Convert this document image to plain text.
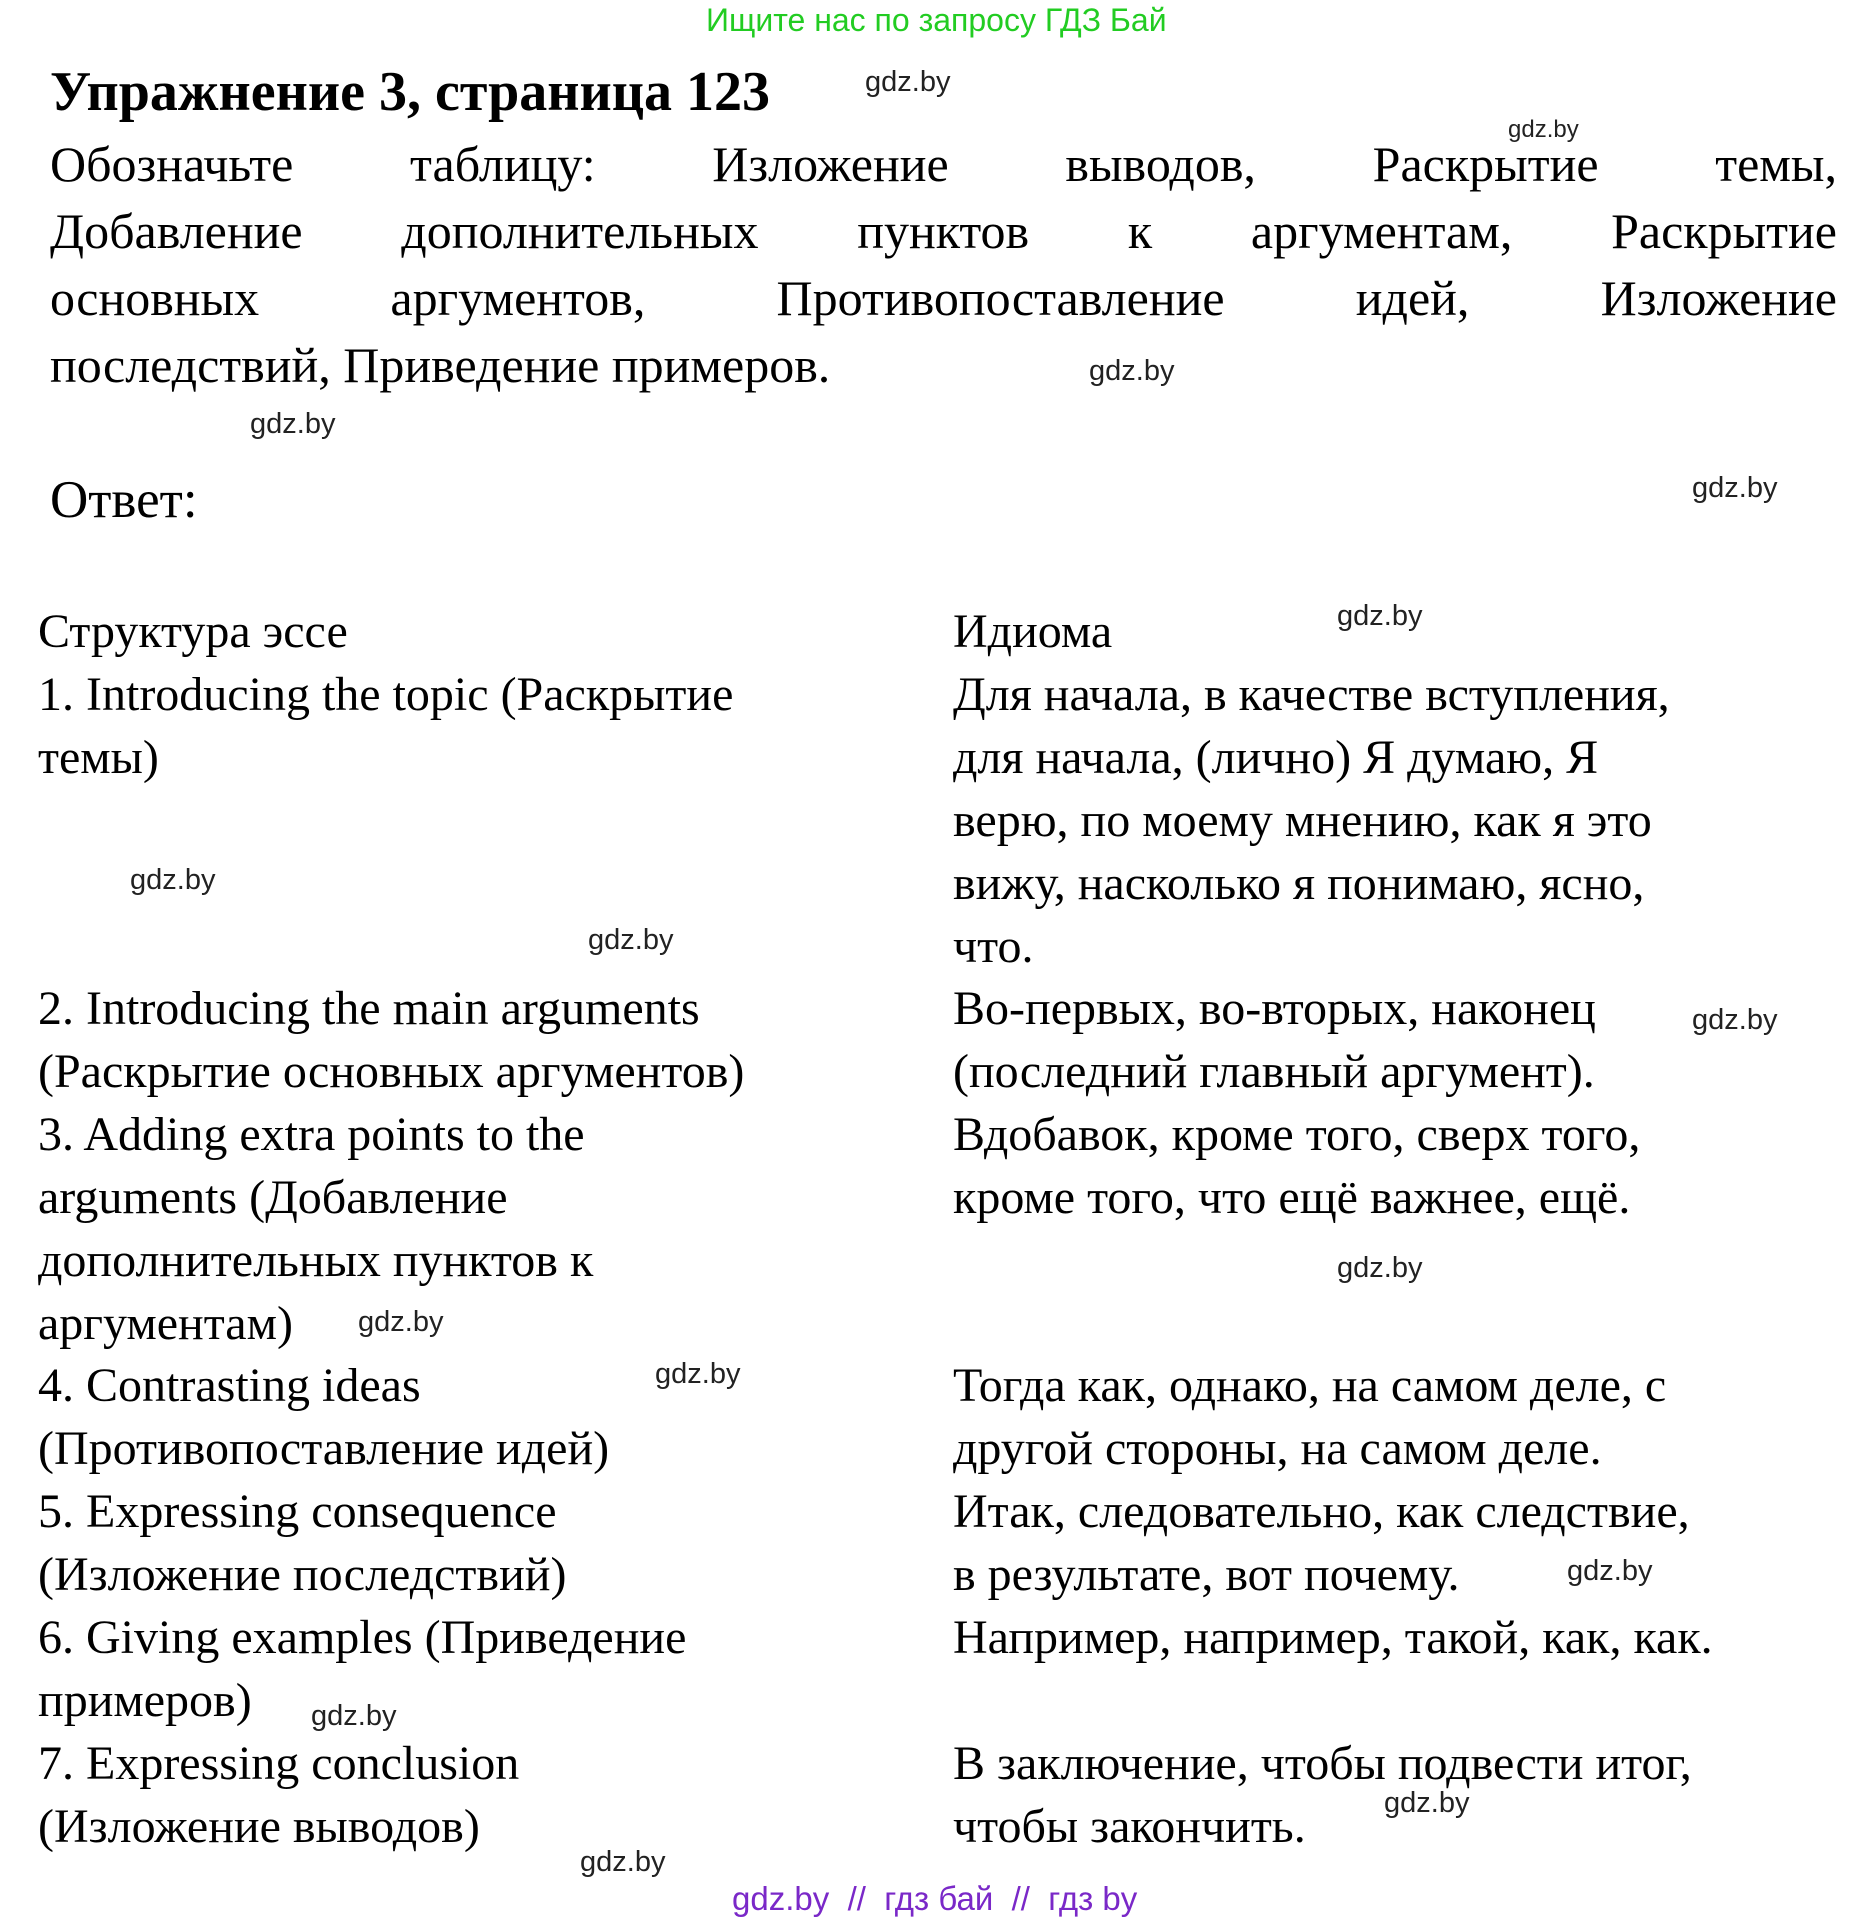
Ищите нас по запросу ГДЗ Бай
Упражнение 3, страница 123
Обозначьте таблицу: Изложение выводов, Раскрытие темы,
Добавление дополнительных пунктов к аргументам, Раскрытие
основных аргументов, Противопоставление идей, Изложение
последствий, Приведение примеров.
Ответ:
Структура эссе
1. Introducing the topic (Раскрытие
темы)
2. Introducing the main arguments
(Раскрытие основных аргументов)
3. Adding extra points to the
arguments (Добавление
дополнительных пунктов к
аргументам)
4. Contrasting ideas
(Противопоставление идей)
5. Expressing consequence
(Изложение последствий)
6. Giving examples (Приведение
примеров)
7. Expressing conclusion
(Изложение выводов)
Идиома
Для начала, в качестве вступления,
для начала, (лично) Я думаю, Я
верю, по моему мнению, как я это
вижу, насколько я понимаю, ясно,
что.
Во-первых, во-вторых, наконец
(последний главный аргумент).
Вдобавок, кроме того, сверх того,
кроме того, что ещё важнее, ещё.
Тогда как, однако, на самом деле, с
другой стороны, на самом деле.
Итак, следовательно, как следствие,
в результате, вот почему.
Например, например, такой, как, как.
В заключение, чтобы подвести итог,
чтобы закончить.
gdz.by
gdz.by
gdz.by
gdz.by
gdz.by
gdz.by
gdz.by
gdz.by
gdz.by
gdz.by
gdz.by
gdz.by
gdz.by
gdz.by
gdz.by
gdz.by
gdz.by  //  гдз бай  //  гдз by
